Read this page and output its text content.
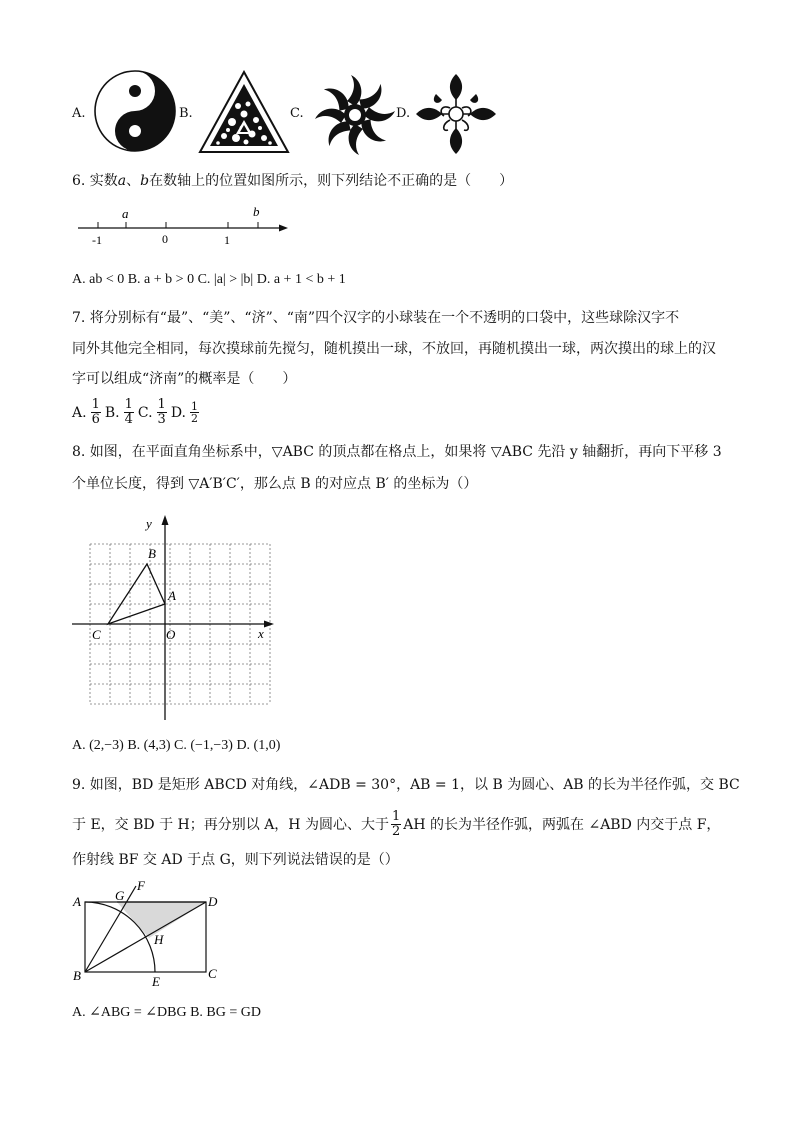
A.	B.	C.	D.
6. 实数𝑎、𝑏在数轴上的位置如图所示，则下列结论不正确的是（　　）
-1	0	1
a	b
A. ab < 0 B. a + b > 0 C. |a| > |b| D. a + 1 < b + 1
7. 将分别标有“最”、“美”、“济”、“南”四个汉字的小球装在一个不透明的口袋中，这些球除汉字不
同外其他完全相同，每次摸球前先搅匀，随机摸出一球，不放回，再随机摸出一球，两次摸出的球上的汉
字可以组成“济南”的概率是（　　）
A. $\frac{1}{6} B$. $\frac{1}{4} C$. $\frac{1}{3} D$. $\frac{1}{2}$
8. 如图，在平面直角坐标系中，▽ABC 的顶点都在格点上，如果将 ▽ABC 先沿 y 轴翻折，再向下平移 3
个单位长度，得到 ▽A′B′C′，那么点 B 的对应点 B′ 的坐标为（）
x
y
A
B
C	O
A. (2,−3) B. (4,3) C. (−1,−3) D. (1,0)
9. 如图，BD 是矩形 ABCD 对角线，∠ADB = 30°，AB = 1，以 B 为圆心、AB 的长为半径作弧，交 BC
于 E，交 BD 于 H；再分别以 A，H 为圆心、大于 $\frac{1}{2}$ AH 的长为半径作弧，两弧在 ∠ABD 内交于点 F，
作射线 BF 交 AD 于点 G，则下列说法错误的是（）
A	G
F
D
H
B	E
C
A. ∠ABG = ∠DBG B. BG = GD
